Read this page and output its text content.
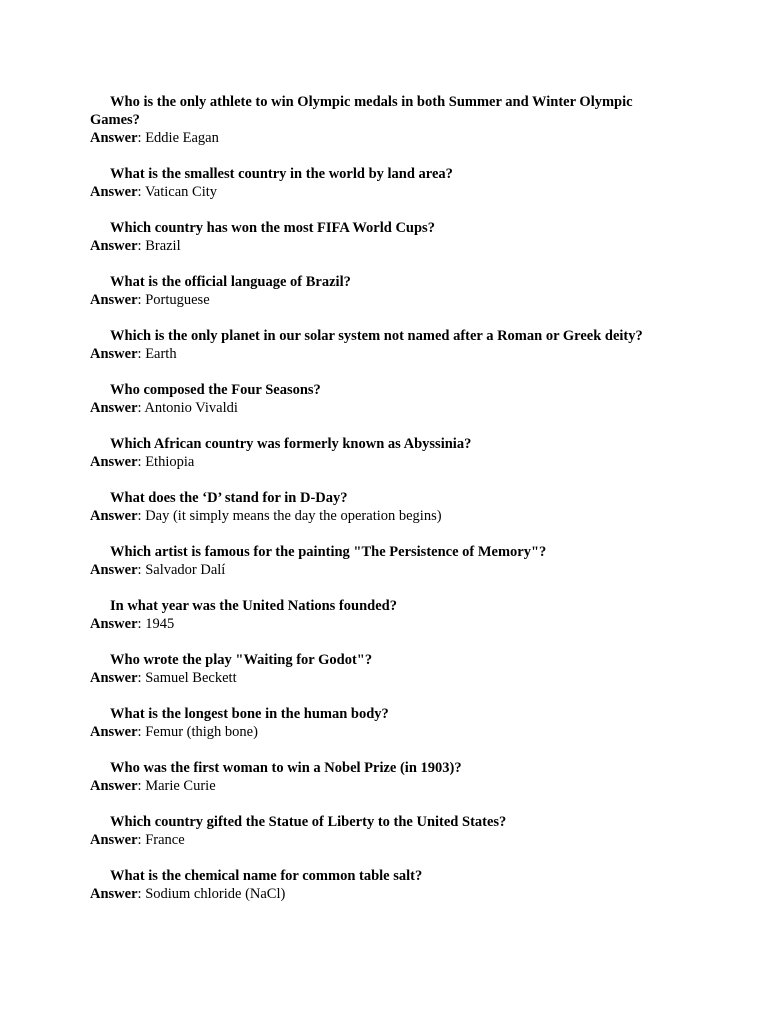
Who is the only athlete to win Olympic medals in both Summer and Winter Olympic Games?

Answer: Eddie Eagan

What is the smallest country in the world by land area?

Answer: Vatican City

Which country has won the most FIFA World Cups?

Answer: Brazil

What is the official language of Brazil?

Answer: Portuguese

Which is the only planet in our solar system not named after a Roman or Greek deity?

Answer: Earth

Who composed the Four Seasons?

Answer: Antonio Vivaldi

Which African country was formerly known as Abyssinia?

Answer: Ethiopia

What does the ‘D’ stand for in D-Day?

Answer: Day (it simply means the day the operation begins)

Which artist is famous for the painting "The Persistence of Memory"?

Answer: Salvador Dalí

In what year was the United Nations founded?

Answer: 1945

Who wrote the play "Waiting for Godot"?

Answer: Samuel Beckett

What is the longest bone in the human body?

Answer: Femur (thigh bone)

Who was the first woman to win a Nobel Prize (in 1903)?

Answer: Marie Curie

Which country gifted the Statue of Liberty to the United States?

Answer: France

What is the chemical name for common table salt?

Answer: Sodium chloride (NaCl)
